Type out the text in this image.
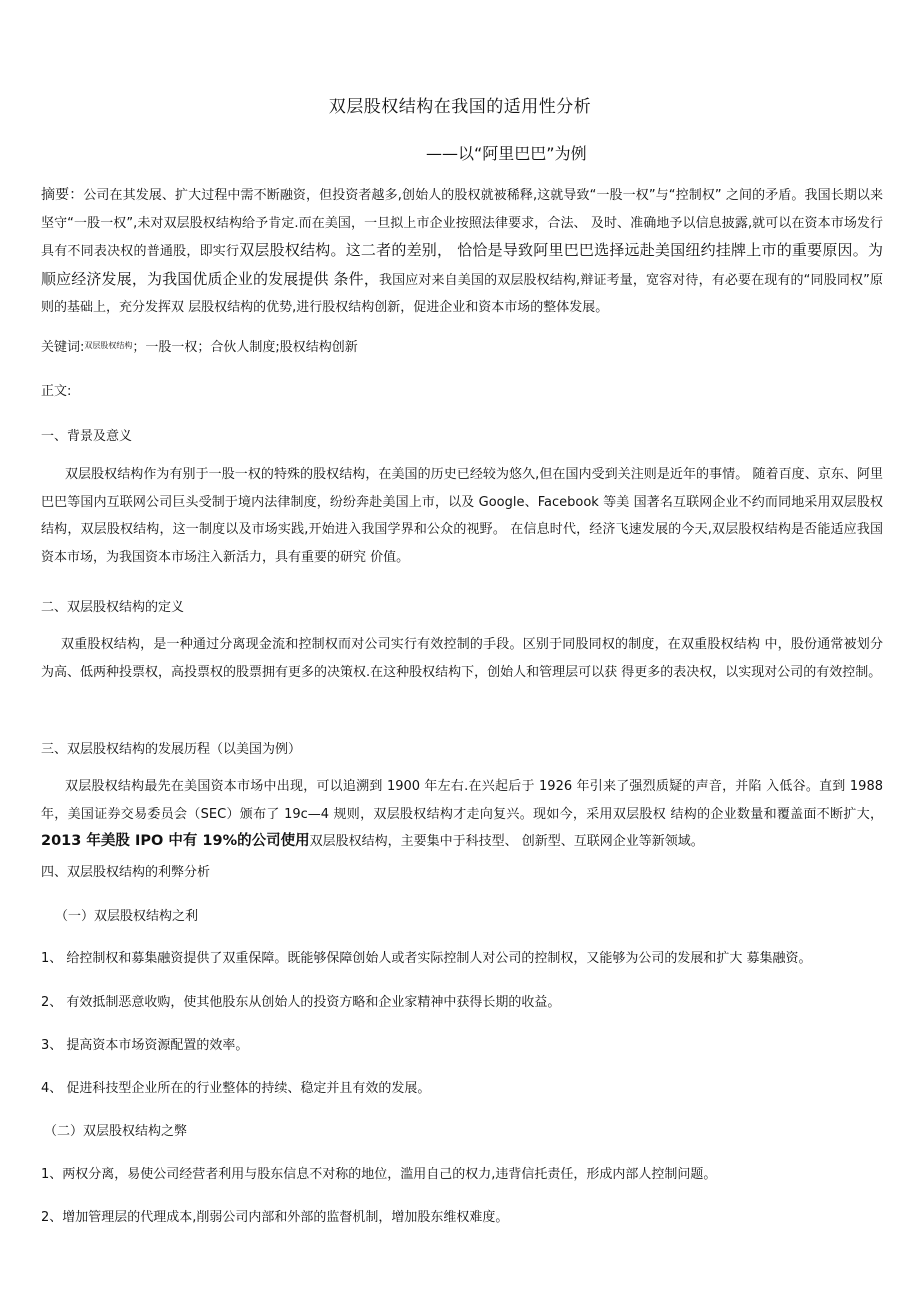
双层股权结构在我国的适用性分析
——以“阿里巴巴”为例
摘要：公司在其发展、扩大过程中需不断融资，但投资者越多,创始人的股权就被稀释,这就导致“一股一权”与“控制权” 之间的矛盾。我国长期以来坚守“一股一权”,未对双层股权结构给予肯定.而在美国，一旦拟上市企业按照法律要求，合法、 及时、准确地予以信息披露,就可以在资本市场发行具有不同表决权的普通股，即实行双层股权结构。这二者的差别， 恰恰是导致阿里巴巴选择远赴美国纽约挂牌上市的重要原因。为顺应经济发展，为我国优质企业的发展提供 条件，我国应对来自美国的双层股权结构,辩证考量，宽容对待，有必要在现有的“同股同权”原则的基础上，充分发挥双 层股权结构的优势,进行股权结构创新，促进企业和资本市场的整体发展。
关键词:$^{双层股权结构}$；一股一权；合伙人制度;股权结构创新
正文:
一、背景及意义
双层股权结构作为有别于一股一权的特殊的股权结构，在美国的历史已经较为悠久,但在国内受到关注则是近年的事情。 随着百度、京东、阿里巴巴等国内互联网公司巨头受制于境内法律制度，纷纷奔赴美国上市，以及 Google、Facebook 等美 国著名互联网企业不约而同地采用双层股权结构，双层股权结构，这一制度以及市场实践,开始进入我国学界和公众的视野。 在信息时代，经济飞速发展的今天,双层股权结构是否能适应我国资本市场，为我国资本市场注入新活力，具有重要的研究 价值。
二、双层股权结构的定义
双重股权结构，是一种通过分离现金流和控制权而对公司实行有效控制的手段。区别于同股同权的制度，在双重股权结构 中，股份通常被划分为高、低两种投票权，高投票权的股票拥有更多的决策权.在这种股权结构下，创始人和管理层可以获 得更多的表决权，以实现对公司的有效控制。
三、双层股权结构的发展历程（以美国为例）
双层股权结构最先在美国资本市场中出现，可以追溯到 1900 年左右.在兴起后于 1926 年引来了强烈质疑的声音，并陷 入低谷。直到 1988 年，美国证券交易委员会（SEC）颁布了 19c—4 规则，双层股权结构才走向复兴。现如今，采用双层股权 结构的企业数量和覆盖面不断扩大，2013 年美股 IPO 中有 19%的公司使用双层股权结构，主要集中于科技型、 创新型、互联网企业等新领域。
四、双层股权结构的利弊分析
（一）双层股权结构之利
1、 给控制权和募集融资提供了双重保障。既能够保障创始人或者实际控制人对公司的控制权，又能够为公司的发展和扩大 募集融资。
2、 有效抵制恶意收购，使其他股东从创始人的投资方略和企业家精神中获得长期的收益。
3、 提高资本市场资源配置的效率。
4、 促进科技型企业所在的行业整体的持续、稳定并且有效的发展。
（二）双层股权结构之弊
1、两权分离，易使公司经营者利用与股东信息不对称的地位，滥用自己的权力,违背信托责任，形成内部人控制问题。
2、增加管理层的代理成本,削弱公司内部和外部的监督机制，增加股东维权难度。
